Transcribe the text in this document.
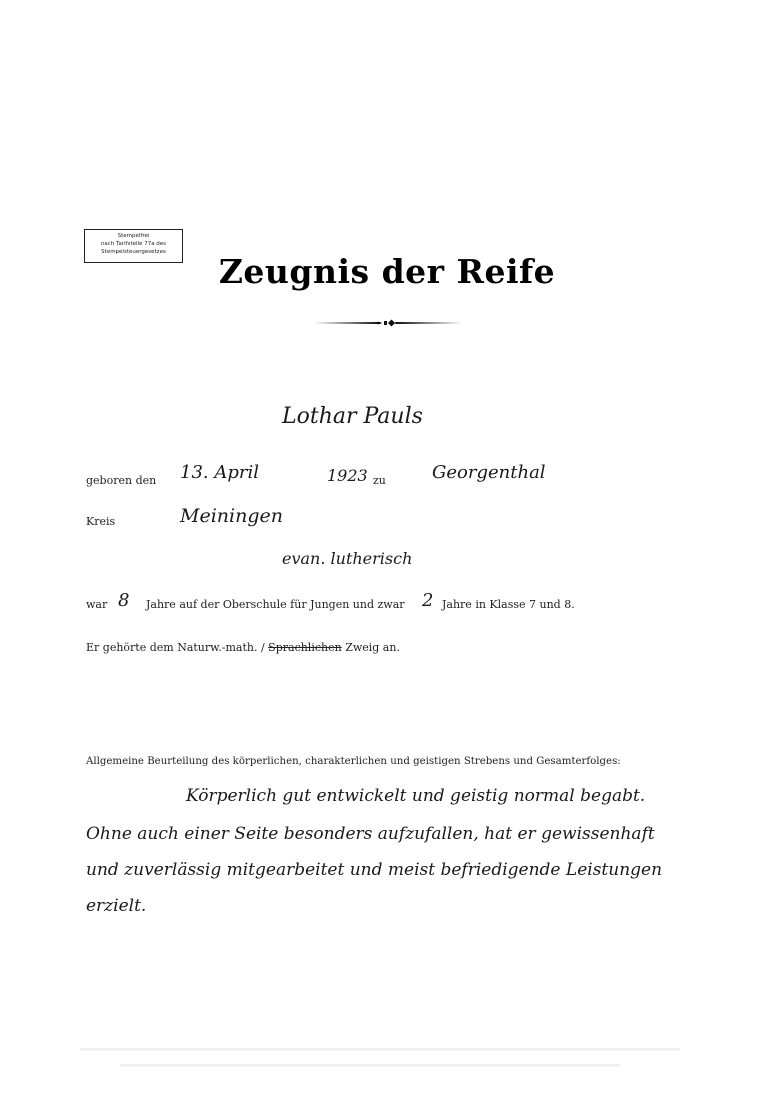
Stempelfrei
nach Tarifstelle 77a des
Stempelsteuergesetzes	Zeugnis der Reife
Lothar Pauls
geboren den 13. April	1923 zu	Georgenthal
Kreis	Meiningen
evan. lutherisch
war 8 Jahre auf der Oberschule für Jungen und zwar 2 Jahre in Klasse 7 und 8.
Er gehörte dem Naturw.-math. / Sprachlichen Zweig an.
Allgemeine Beurteilung des körperlichen, charakterlichen und geistigen Strebens und Gesamterfolges:
Körperlich gut entwickelt und geistig normal begabt.
Ohne auch einer Seite besonders aufzufallen, hat er gewissenhaft
und zuverlässig mitgearbeitet und meist befriedigende Leistungen
erzielt.
